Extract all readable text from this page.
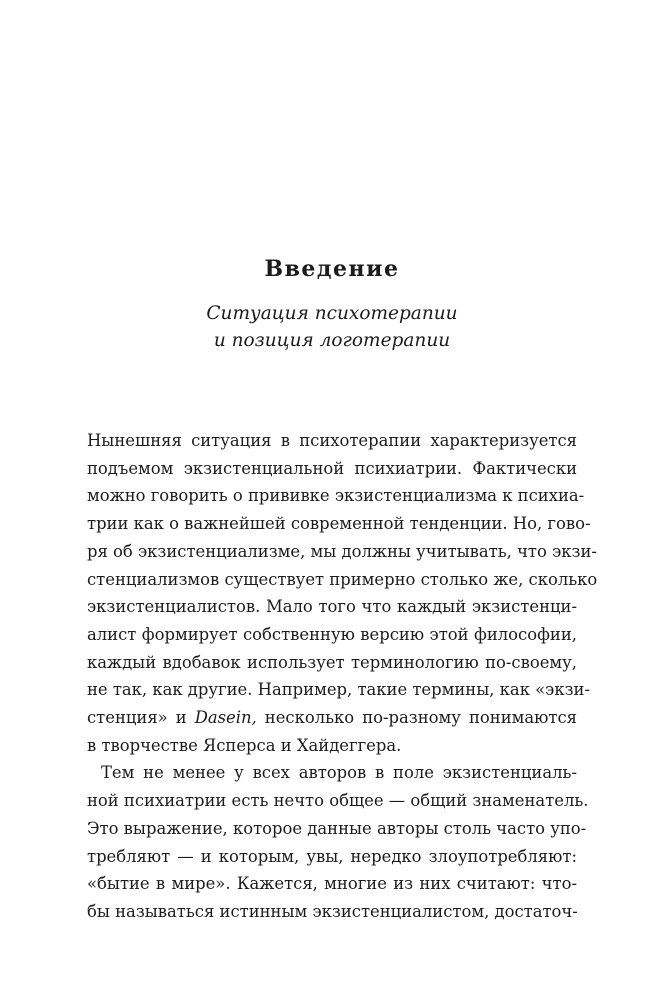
Введение
Ситуация психотерапии
и позиция логотерапии
Нынешняя ситуация в психотерапии характеризуется
подъемом экзистенциальной психиатрии. Фактически
можно говорить о прививке экзистенциализма к психиа-
трии как о важнейшей современной тенденции. Но, гово-
ря об экзистенциализме, мы должны учитывать, что экзи-
стенциализмов существует примерно столько же, сколько
экзистенциалистов. Мало того что каждый экзистенци-
алист формирует собственную версию этой философии,
каждый вдобавок использует терминологию по-своему,
не так, как другие. Например, такие термины, как «экзи-
стенция» и Dasein, несколько по-разному понимаются
в творчестве Ясперса и Хайдеггера.
Тем не менее у всех авторов в поле экзистенциаль-
ной психиатрии есть нечто общее — общий знаменатель.
Это выражение, которое данные авторы столь часто упо-
требляют — и которым, увы, нередко злоупотребляют:
«бытие в мире». Кажется, многие из них считают: что-
бы называться истинным экзистенциалистом, достаточ-
